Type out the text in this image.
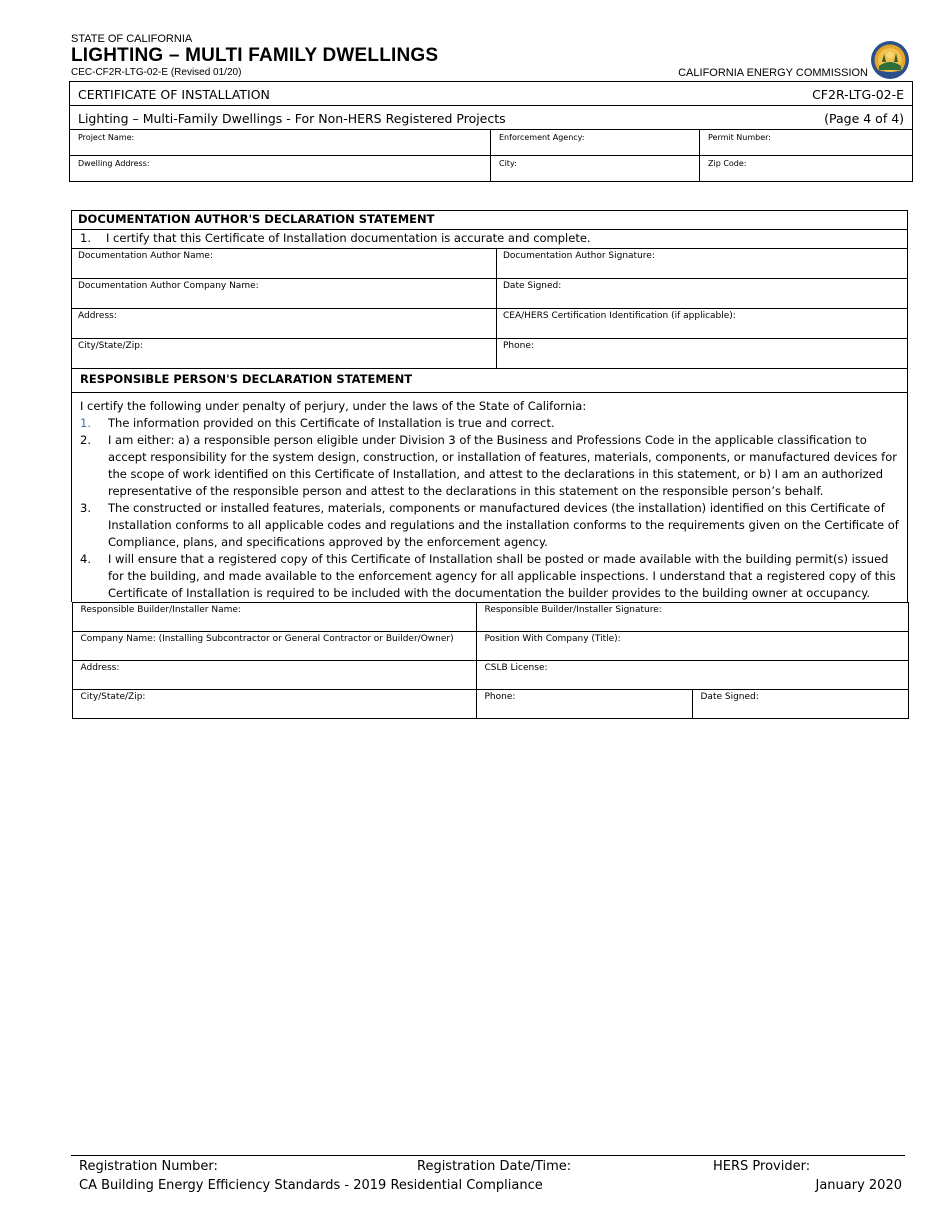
STATE OF CALIFORNIA
LIGHTING – MULTI FAMILY DWELLINGS
CEC-CF2R-LTG-02-E (Revised 01/20)	CALIFORNIA ENERGY COMMISSION
CERTIFICATE OF INSTALLATION CF2R-LTG-02-E		

Lighting – Multi-Family Dwellings - For Non-HERS Registered Projects (Page 4 of 4)		

Project Name:	Enforcement Agency:	Permit Number:
Dwelling Address:	City:	Zip Code:
DOCUMENTATION AUTHOR'S DECLARATION STATEMENT
1. I certify that this Certificate of Installation documentation is accurate and complete.
Documentation Author Name:	Documentation Author Signature:
Documentation Author Company Name:	Date Signed:
Address:	CEA/HERS Certification Identification (if applicable):
City/State/Zip:	Phone:
RESPONSIBLE PERSON'S DECLARATION STATEMENT

I certify the following under penalty of perjury, under the laws of the State of California:
1.	The information provided on this Certificate of Installation is true and correct.
2.	I am either: a) a responsible person eligible under Division 3 of the Business and Professions Code in the applicable classification to accept responsibility for the system design, construction, or installation of features, materials, components, or manufactured devices for the scope of work identified on this Certificate of Installation, and attest to the declarations in this statement, or b) I am an authorized representative of the responsible person and attest to the declarations in this statement on the responsible person’s behalf.
3.	The constructed or installed features, materials, components or manufactured devices (the installation) identified on this Certificate of Installation conforms to all applicable codes and regulations and the installation conforms to the requirements given on the Certificate of Compliance, plans, and specifications approved by the enforcement agency.
4.	I will ensure that a registered copy of this Certificate of Installation shall be posted or made available with the building permit(s) issued for the building, and made available to the enforcement agency for all applicable inspections. I understand that a registered copy of this Certificate of Installation is required to be included with the documentation the builder provides to the building owner at occupancy.

Responsible Builder/Installer Name:	Responsible Builder/Installer Signature:
Company Name: (Installing Subcontractor or General Contractor or Builder/Owner)	Position With Company (Title):
Address:	CSLB License:
City/State/Zip:	Phone:	Date Signed:
Registration Number:	Registration Date/Time:	HERS Provider:
CA Building Energy Efficiency Standards - 2019 Residential Compliance	January 2020
